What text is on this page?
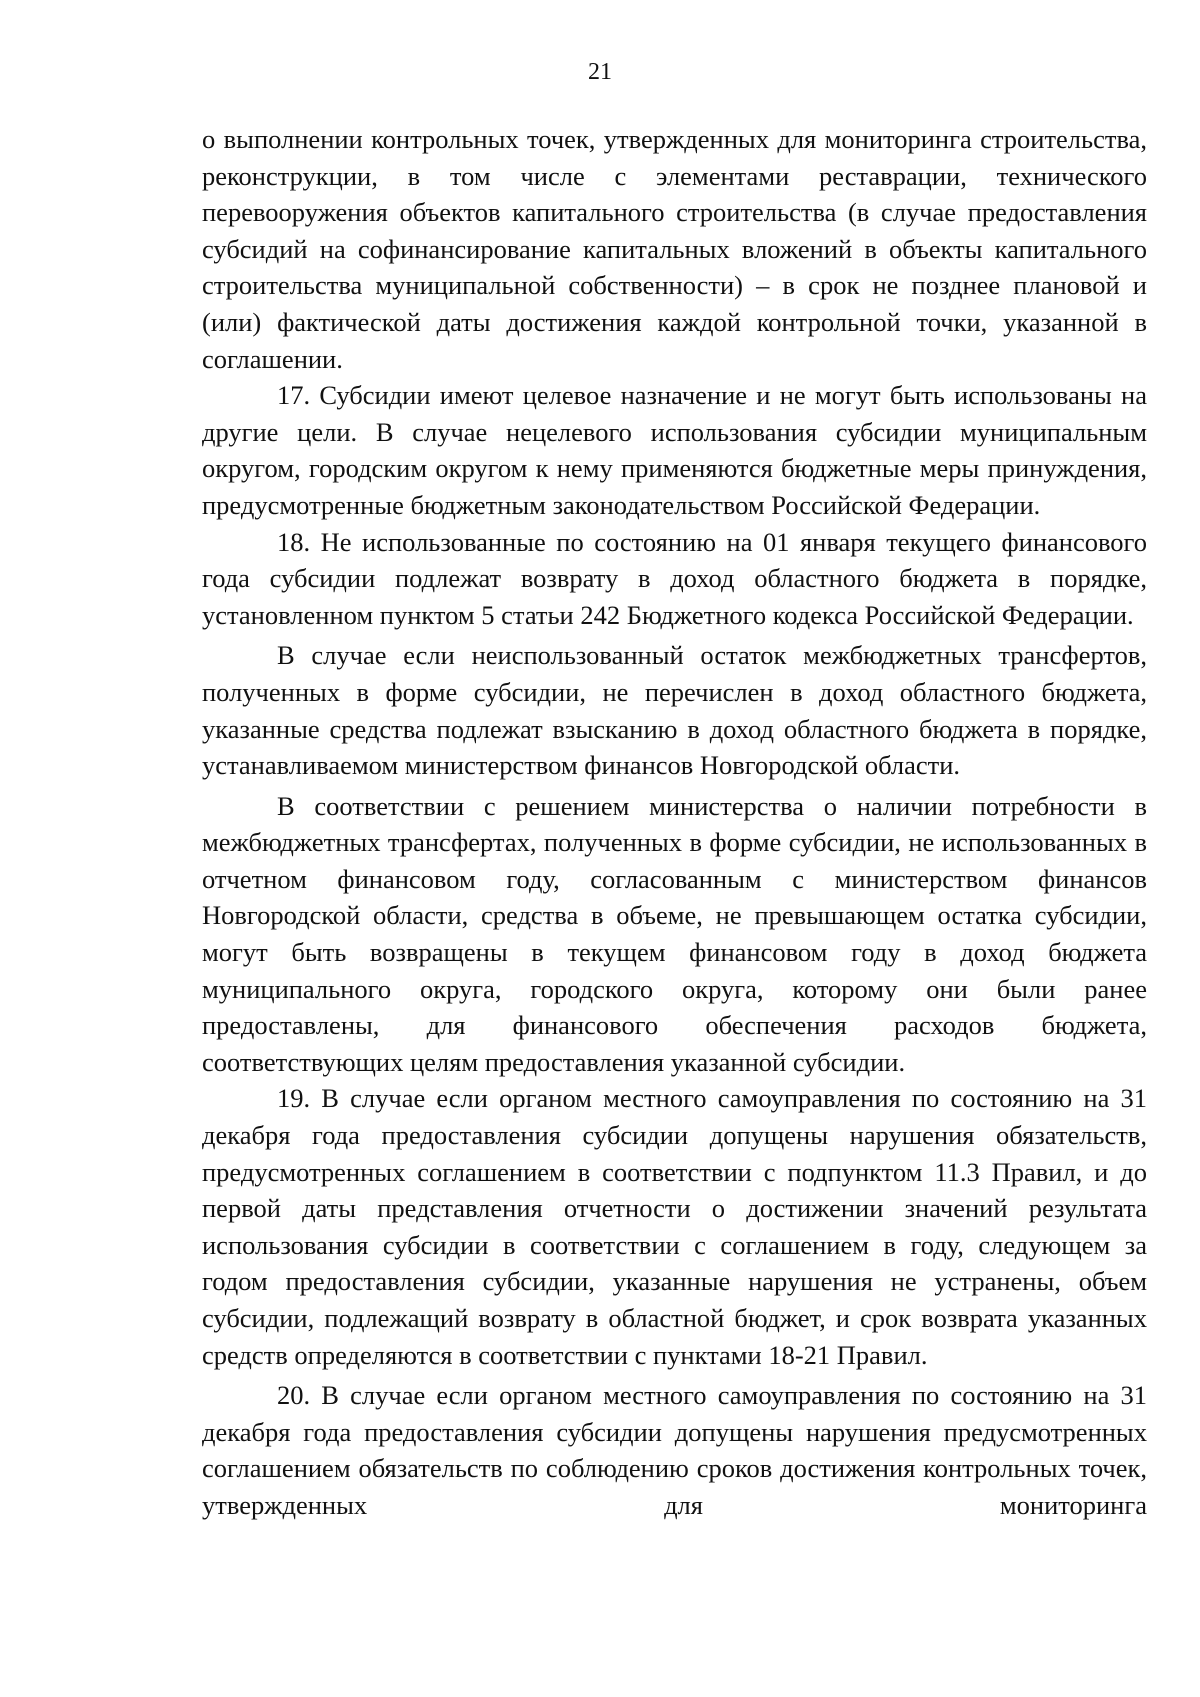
21

о выполнении контрольных точек, утвержденных для мониторинга строительства, реконструкции, в том числе с элементами реставрации, технического перевооружения объектов капитального строительства (в случае предоставления субсидий на софинансирование капитальных вложений в объекты капитального строительства муниципальной собственности) – в срок не позднее плановой и (или) фактической даты достижения каждой контрольной точки, указанной в соглашении.

17. Субсидии имеют целевое назначение и не могут быть использованы на другие цели. В случае нецелевого использования субсидии муниципальным округом, городским округом к нему применяются бюджетные меры принуждения, предусмотренные бюджетным законодательством Российской Федерации.

18. Не использованные по состоянию на 01 января текущего финансового года субсидии подлежат возврату в доход областного бюджета в порядке, установленном пунктом 5 статьи 242 Бюджетного кодекса Российской Федерации.

В случае если неиспользованный остаток межбюджетных трансфертов, полученных в форме субсидии, не перечислен в доход областного бюджета, указанные средства подлежат взысканию в доход областного бюджета в порядке, устанавливаемом министерством финансов Новгородской области.

В соответствии с решением министерства о наличии потребности в межбюджетных трансфертах, полученных в форме субсидии, не использованных в отчетном финансовом году, согласованным с министерством финансов Новгородской области, средства в объеме, не превышающем остатка субсидии, могут быть возвращены в текущем финансовом году в доход бюджета муниципального округа, городского округа, которому они были ранее предоставлены, для финансового обеспечения расходов бюджета, соответствующих целям предоставления указанной субсидии.

19. В случае если органом местного самоуправления по состоянию на 31 декабря года предоставления субсидии допущены нарушения обязательств, предусмотренных соглашением в соответствии с подпунктом 11.3 Правил, и до первой даты представления отчетности о достижении значений результата использования субсидии в соответствии с соглашением в году, следующем за годом предоставления субсидии, указанные нарушения не устранены, объем субсидии, подлежащий возврату в областной бюджет, и срок возврата указанных средств определяются в соответствии с пунктами 18-21 Правил.

20. В случае если органом местного самоуправления по состоянию на 31 декабря года предоставления субсидии допущены нарушения предусмотренных соглашением обязательств по соблюдению сроков достижения контрольных точек, утвержденных для мониторинга
